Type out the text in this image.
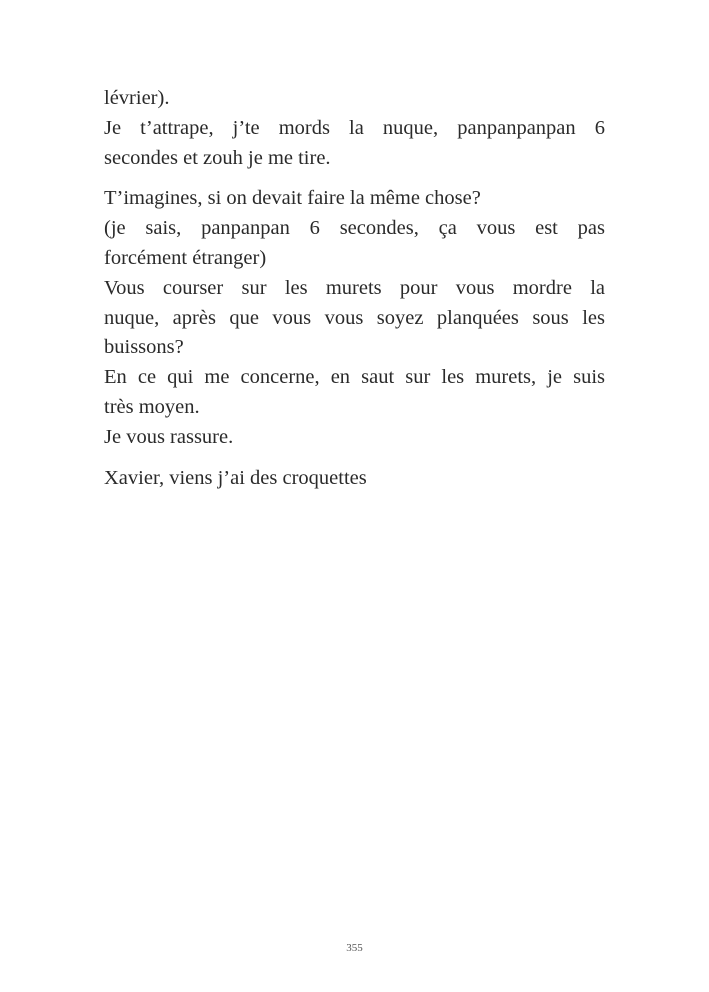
lévrier).
Je t’attrape, j’te mords la nuque, panpanpanpan 6
secondes et zouh je me tire.

T’imagines, si on devait faire la même chose?
(je sais, panpanpan 6 secondes, ça vous est pas
forcément étranger)
Vous courser sur les murets pour vous mordre la
nuque, après que vous vous soyez planquées sous les
buissons?
En ce qui me concerne, en saut sur les murets, je suis
très moyen.
Je vous rassure.

Xavier, viens j’ai des croquettes

355
